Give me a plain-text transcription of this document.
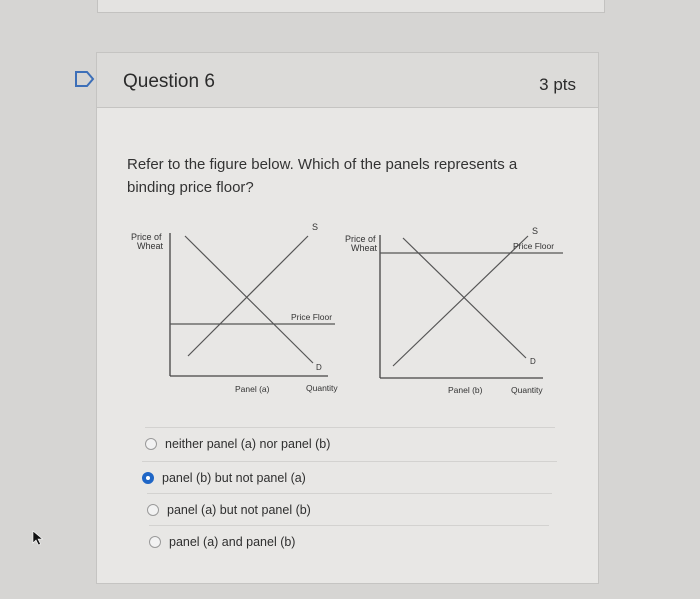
Question 6	3 pts
Refer to the figure below. Which of the panels represents a binding price floor?
Price of
Wheat
S
Price Floor
D
Panel (a)	Quantity
Price of
Wheat
S
Price Floor
D
Panel (b)	Quantity
neither panel (a) nor panel (b)
panel (b) but not panel (a)
panel (a) but not panel (b)
panel (a) and panel (b)
